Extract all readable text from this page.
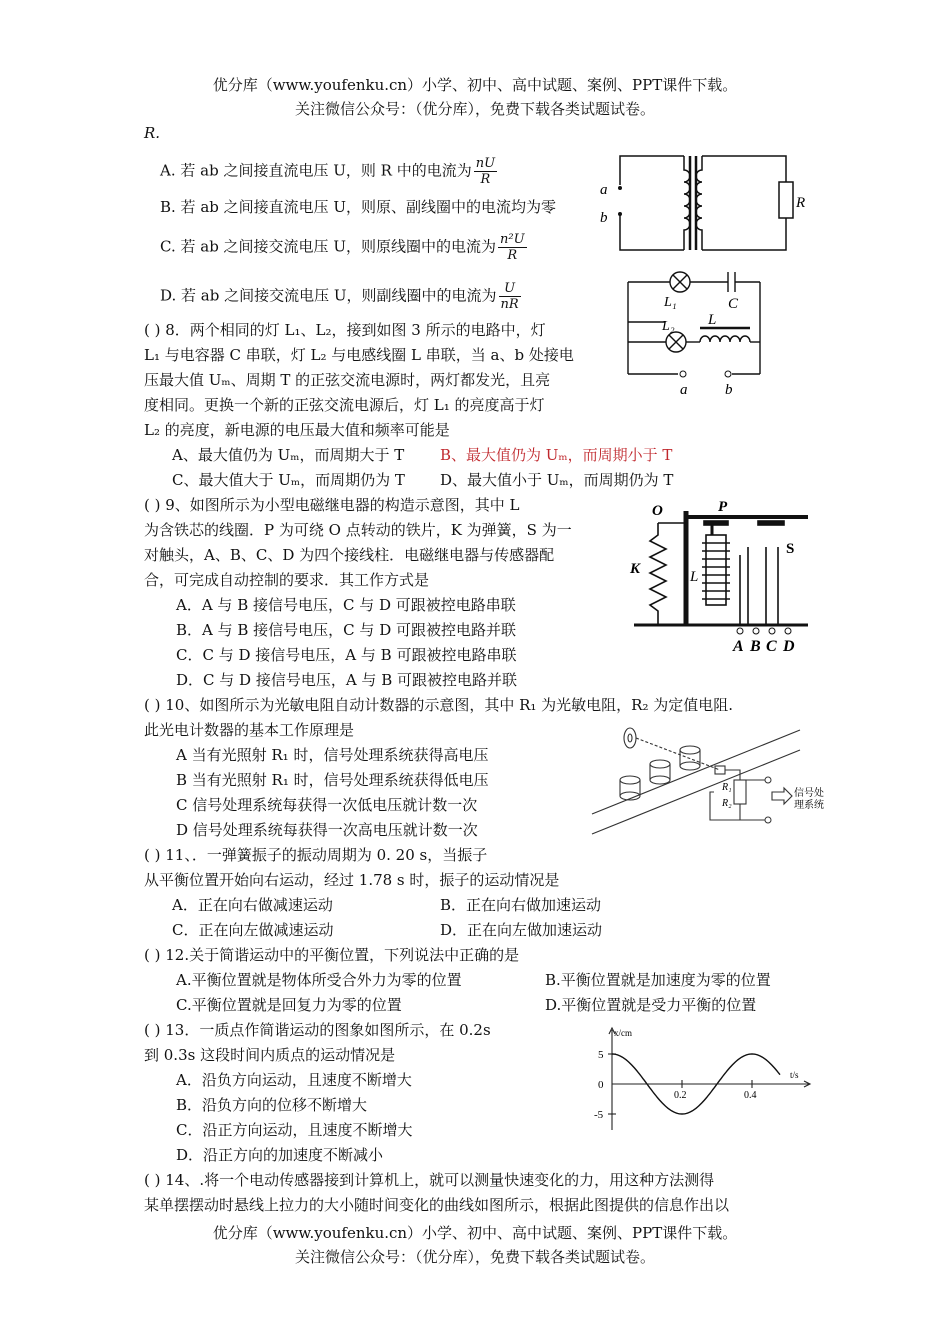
优分库（www.youfenku.cn）小学、初中、高中试题、案例、PPT课件下载。
关注微信公众号：（优分库），免费下载各类试题试卷。
R.
A. 若 ab 之间接直流电压 U，则 R 中的电流为 $\frac{nU}{R}$
B. 若 ab 之间接直流电压 U，则原、副线圈中的电流均为零
C. 若 ab 之间接交流电压 U，则原线圈中的电流为 $\frac{\text{n²U}}{R}$
D. 若 ab 之间接交流电压 U，则副线圈中的电流为 $\frac{U}{nR}$
a
b
R
( ) 8．两个相同的灯 L₁、L₂，接到如图 3 所示的电路中，灯
L₁ 与电容器 C 串联，灯 L₂ 与电感线圈 L 串联，当 a、b 处接电
压最大值 Uₘ、周期 T 的正弦交流电源时，两灯都发光，且亮
度相同。更换一个新的正弦交流电源后，灯 L₁ 的亮度高于灯
L₂ 的亮度，新电源的电压最大值和频率可能是
A、最大值仍为 Uₘ，而周期大于 T B、最大值仍为 Uₘ，而周期小于 T
C、最大值大于 Uₘ，而周期仍为 T D、最大值小于 Uₘ，而周期仍为 T
L₁	C
L₂ L
a	b
( ) 9、如图所示为小型电磁继电器的构造示意图，其中 L
为含铁芯的线圈．P 为可绕 O 点转动的铁片，K 为弹簧，S 为一
对触头，A、B、C、D 为四个接线柱．电磁继电器与传感器配
合，可完成自动控制的要求．其工作方式是
A．A 与 B 接信号电压，C 与 D 可跟被控电路串联
B．A 与 B 接信号电压，C 与 D 可跟被控电路并联
C．C 与 D 接信号电压，A 与 B 可跟被控电路串联
D．C 与 D 接信号电压，A 与 B 可跟被控电路并联
O	P
S
K	L
A B C D
( ) 10、如图所示为光敏电阻自动计数器的示意图，其中 R₁ 为光敏电阻，R₂ 为定值电阻.
此光电计数器的基本工作原理是
A 当有光照射 R₁ 时，信号处理系统获得高电压
B 当有光照射 R₁ 时，信号处理系统获得低电压
C 信号处理系统每获得一次低电压就计数一次
D 信号处理系统每获得一次高电压就计数一次
R₁
R₂
信号处
理系统
( ) 11、．一弹簧振子的振动周期为 0. 20 s，当振子
从平衡位置开始向右运动，经过 1.78 s 时，振子的运动情况是
A．正在向右做减速运动	B．正在向右做加速运动
C．正在向左做减速运动	D．正在向左做加速运动
( ) 12.关于简谐运动中的平衡位置，下列说法中正确的是
A.平衡位置就是物体所受合外力为零的位置	B.平衡位置就是加速度为零的位置
C.平衡位置就是回复力为零的位置	D.平衡位置就是受力平衡的位置
( ) 13．一质点作简谐运动的图象如图所示，在 0.2s
到 0.3s 这段时间内质点的运动情况是
A．沿负方向运动，且速度不断增大
B．沿负方向的位移不断增大
C．沿正方向运动，且速度不断增大
D．沿正方向的加速度不断减小
x/cm
t/s
5
0
-5
0.2	0.4
( ) 14、.将一个电动传感器接到计算机上，就可以测量快速变化的力，用这种方法测得
某单摆摆动时悬线上拉力的大小随时间变化的曲线如图所示，根据此图提供的信息作出以
优分库（www.youfenku.cn）小学、初中、高中试题、案例、PPT课件下载。
关注微信公众号：（优分库），免费下载各类试题试卷。
